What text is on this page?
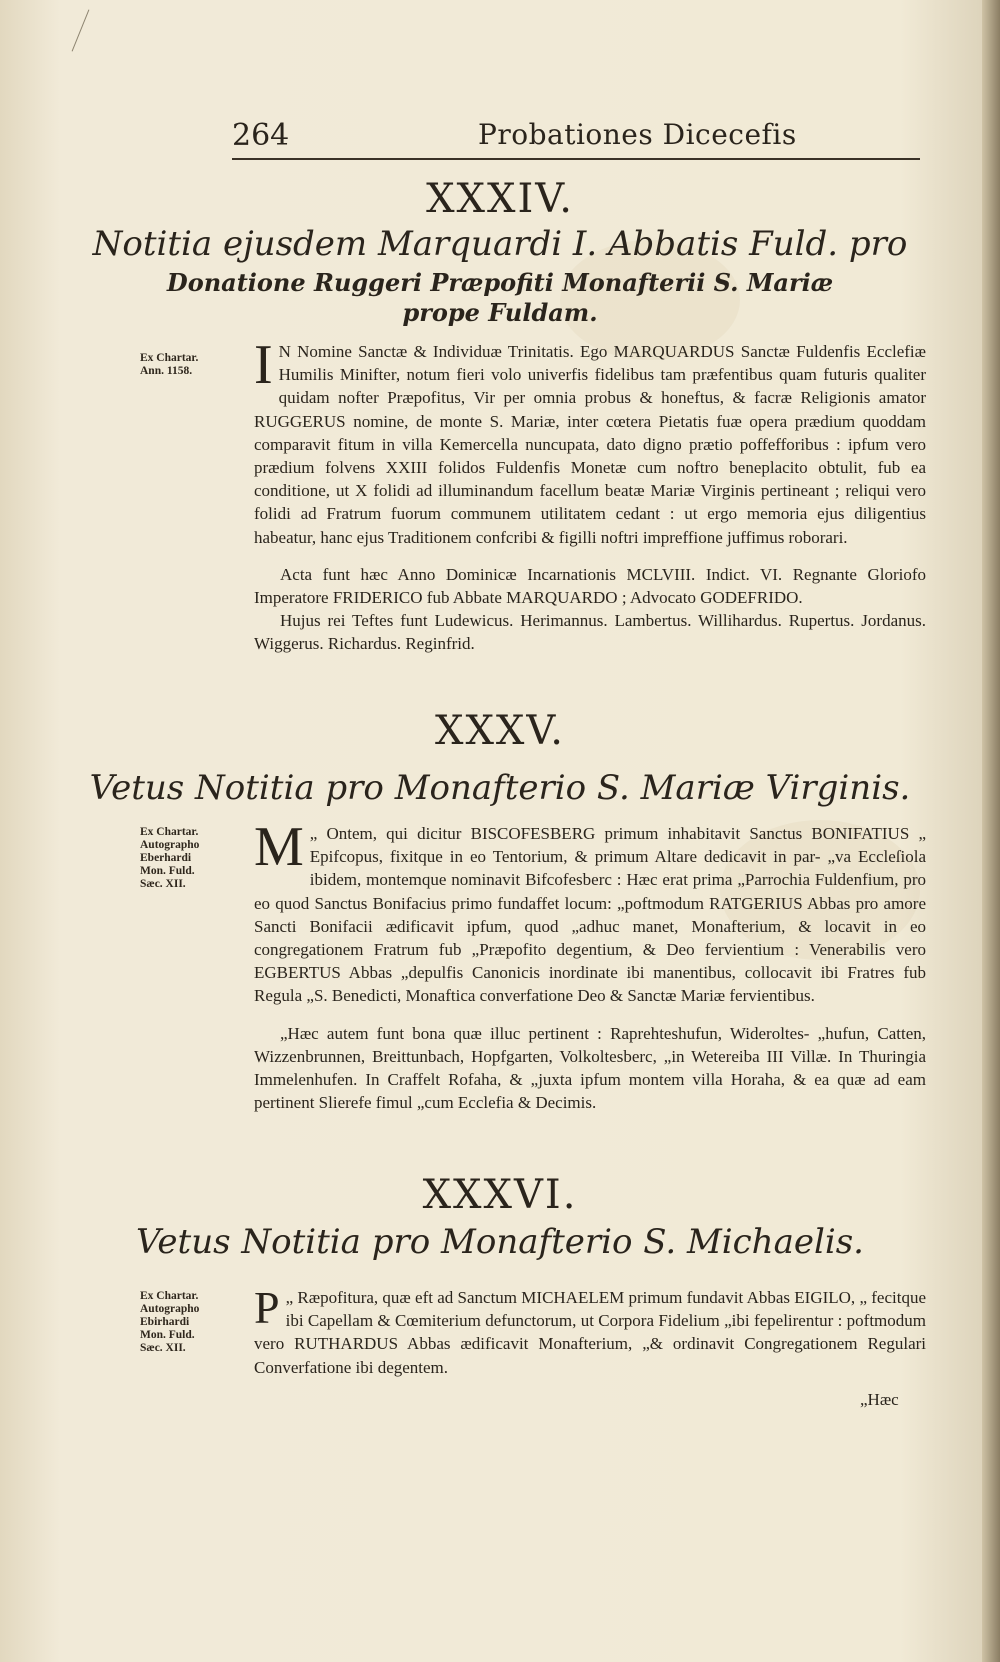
264	Probationes Dicecefis
XXXIV.
Notitia ejusdem Marquardi I. Abbatis Fuld. pro
Donatione Ruggeri Præpofiti Monafterii S. Mariæ
prope Fuldam.
Ex Chartar.
Ann. 1158.	I N Nomine Sanctæ & Individuæ Trinitatis. Ego MARQUARDUS Sanctæ Fuldenfis Ecclefiæ Humilis Minifter, notum fieri volo univerfis fidelibus tam præfentibus quam futuris qualiter quidam nofter Præpofitus, Vir per omnia probus & honeftus, & facræ Religionis amator RUGGERUS nomine, de monte S. Mariæ, inter cœtera Pietatis fuæ opera prædium quoddam comparavit fitum in villa Kemercella nuncupata, dato digno prætio poffefforibus : ipfum vero prædium folvens XXIII folidos Fuldenfis Monetæ cum noftro beneplacito obtulit, fub ea conditione, ut X folidi ad illuminandum facellum beatæ Mariæ Virginis pertineant ; reliqui vero folidi ad Fratrum fuorum communem utilitatem cedant : ut ergo memoria ejus diligentius habeatur, hanc ejus Traditionem confcribi & figilli noftri impreffione juffimus roborari.

Acta funt hæc Anno Dominicæ Incarnationis MCLVIII. Indict. VI. Regnante Gloriofo Imperatore FRIDERICO fub Abbate MARQUARDO ; Advocato GODEFRIDO.

Hujus rei Teftes funt Ludewicus. Herimannus. Lambertus. Willihardus. Rupertus. Jordanus. Wiggerus. Richardus. Reginfrid.

XXXV.
Vetus Notitia pro Monafterio S. Mariæ Virginis.
Ex Chartar.
Autographo
Eberhardi
Mon. Fuld.
Sæc. XII.

M „ Ontem, qui dicitur BISCOFESBERG primum inhabitavit Sanctus BONIFATIUS „ Epifcopus, fixitque in eo Tentorium, & primum Altare dedicavit in par- „va Eccleſiola ibidem, montemque nominavit Bifcofesberc : Hæc erat prima „Parrochia Fuldenfium, pro eo quod Sanctus Bonifacius primo fundaffet locum: „poftmodum RATGERIUS Abbas pro amore Sancti Bonifacii ædificavit ipfum, quod „adhuc manet, Monafterium, & locavit in eo congregationem Fratrum fub „Præpofito degentium, & Deo fervientium : Venerabilis vero EGBERTUS Abbas „depulfis Canonicis inordinate ibi manentibus, collocavit ibi Fratres fub Regula „S. Benedicti, Monaftica converfatione Deo & Sanctæ Mariæ fervientibus.

„Hæc autem funt bona quæ illuc pertinent : Raprehteshufun, Wideroltes- „hufun, Catten, Wizzenbrunnen, Breittunbach, Hopfgarten, Volkoltesberc, „in Wetereiba III Villæ. In Thuringia Immelenhufen. In Craffelt Rofaha, & „juxta ipfum montem villa Horaha, & ea quæ ad eam pertinent Slierefe fimul „cum Ecclefia & Decimis.

XXXVI.
Vetus Notitia pro Monafterio S. Michaelis.
Ex Chartar.
Autographo
Ebirhardi
Mon. Fuld.
Sæc. XII.

P „ Ræpofitura, quæ eft ad Sanctum MICHAELEM primum fundavit Abbas EIGILO, „ fecitque ibi Capellam & Cœmiterium defunctorum, ut Corpora Fidelium „ibi fepelirentur : poftmodum vero RUTHARDUS Abbas ædificavit Monafterium, „& ordinavit Congregationem Regulari Converfatione ibi degentem.

„Hæc
